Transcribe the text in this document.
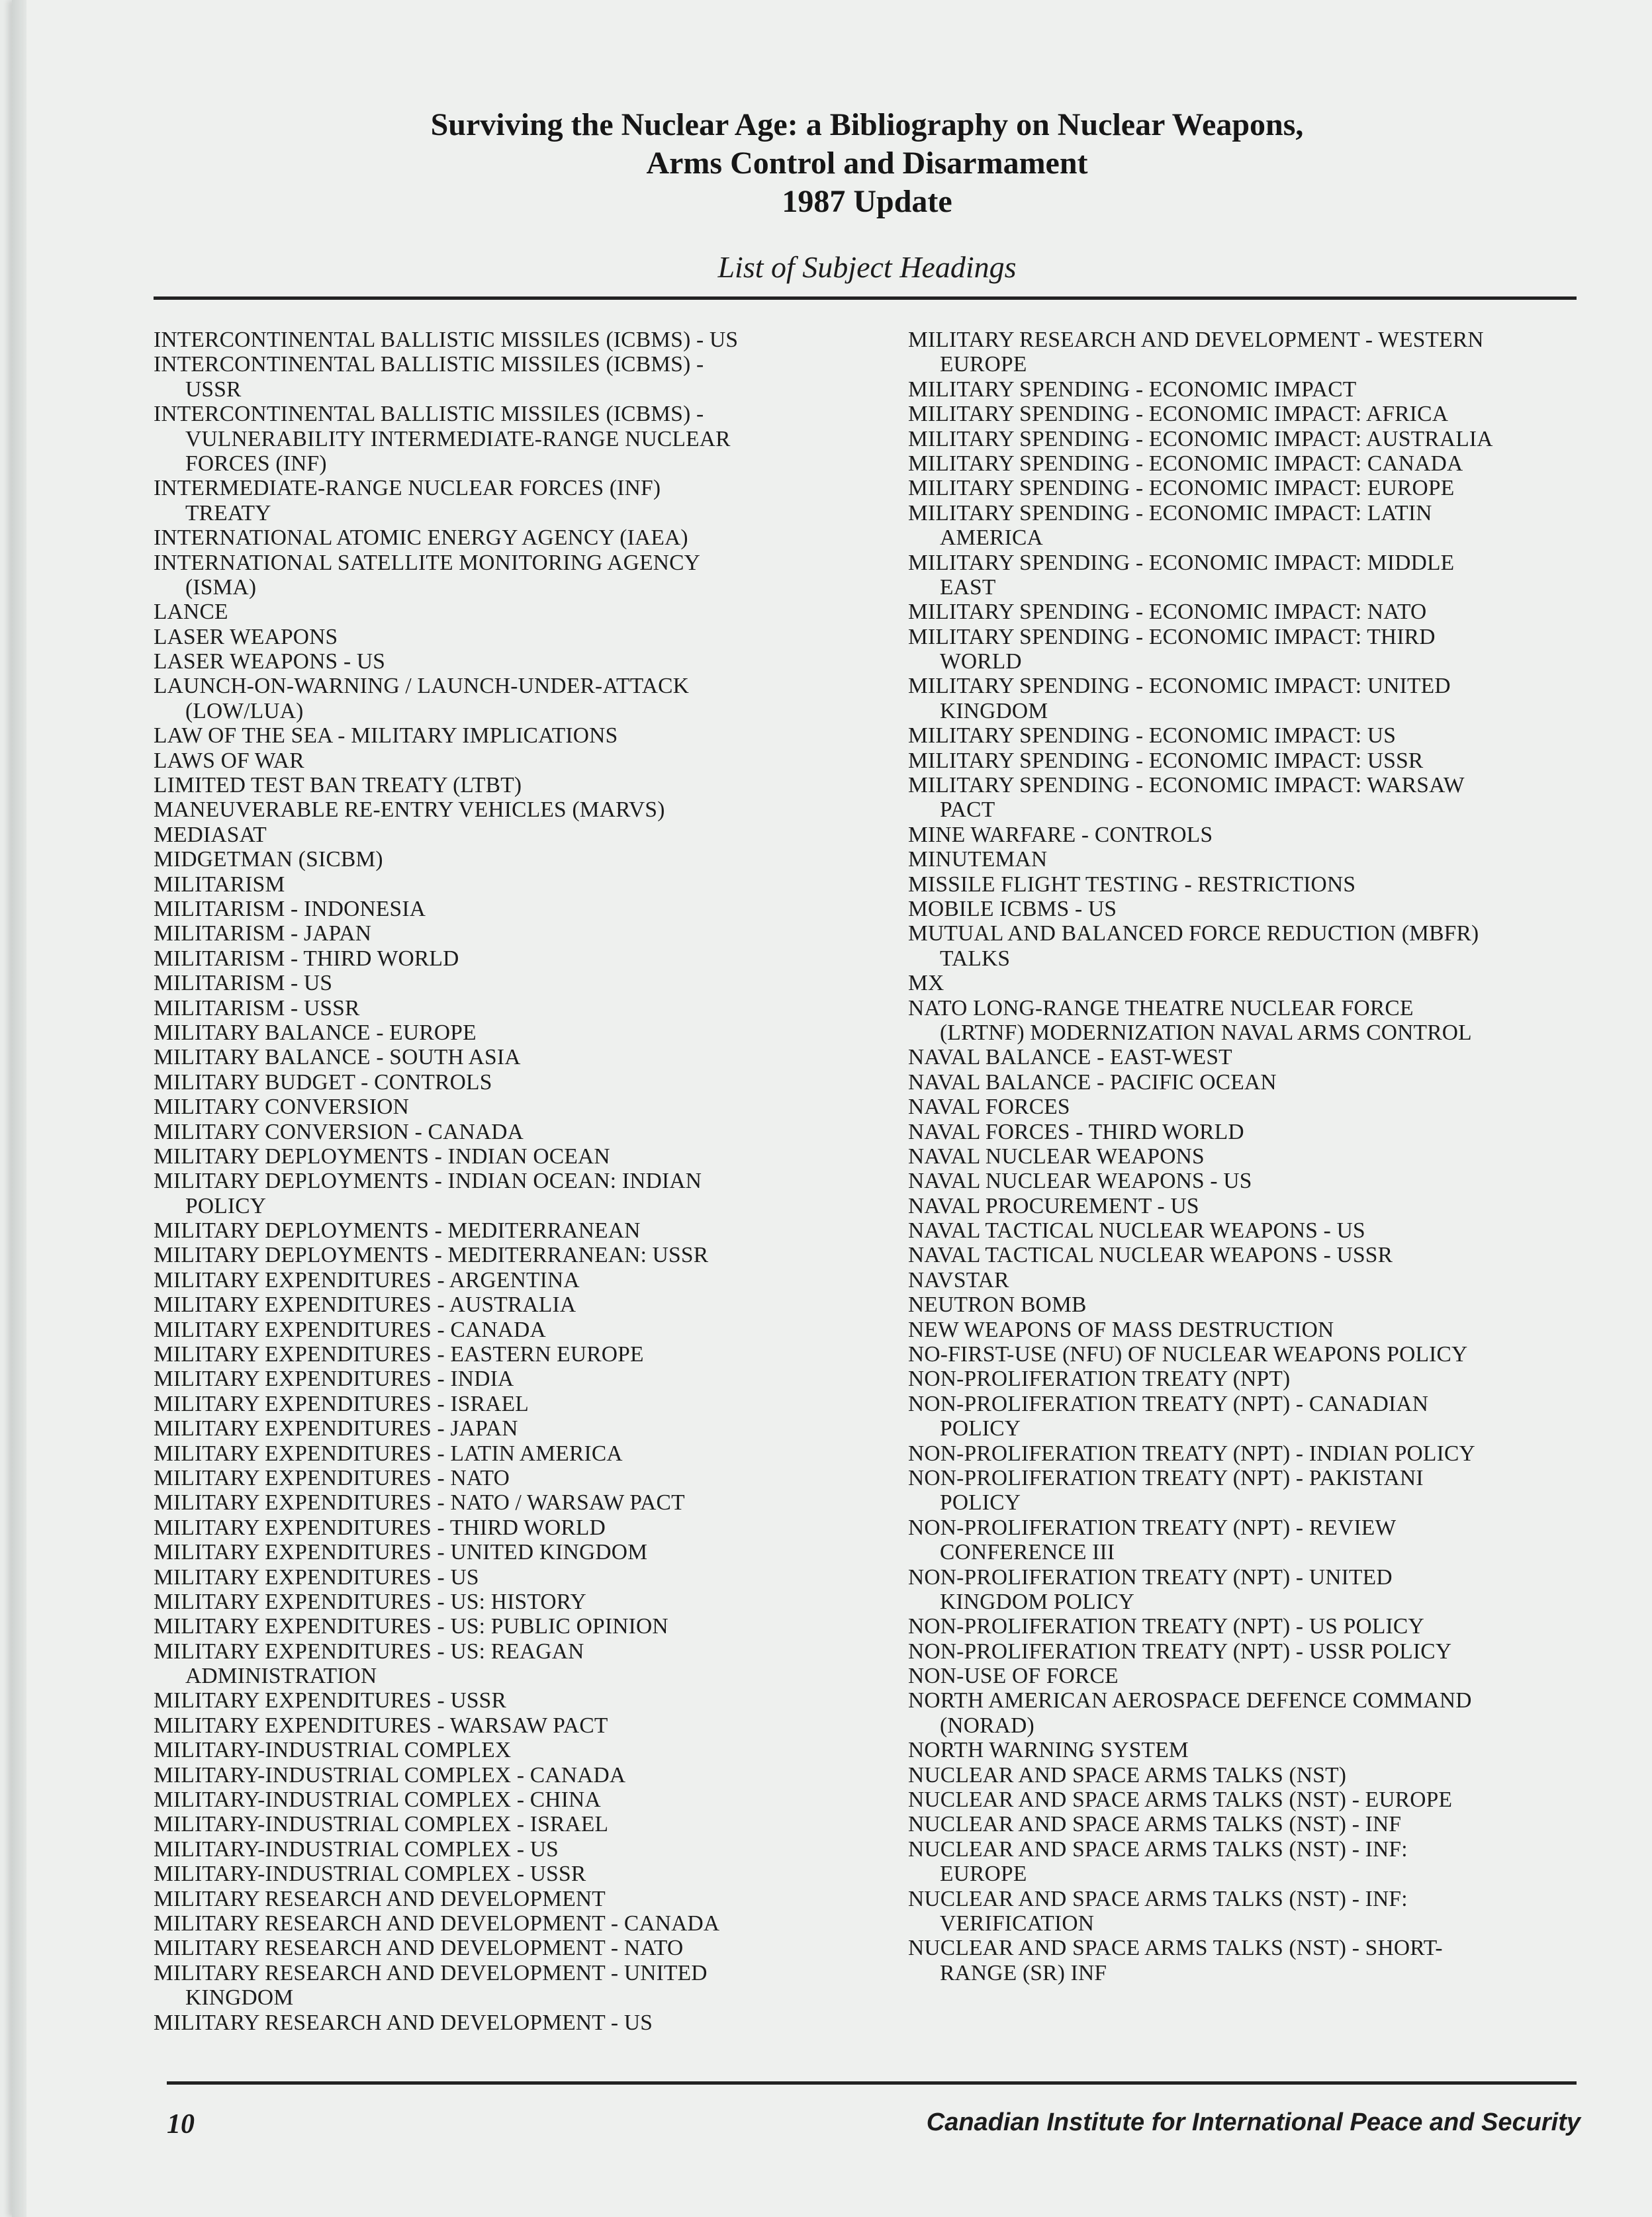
Surviving the Nuclear Age: a Bibliography on Nuclear Weapons,
Arms Control and Disarmament
1987 Update
List of Subject Headings
INTERCONTINENTAL BALLISTIC MISSILES (ICBMS) - US
INTERCONTINENTAL BALLISTIC MISSILES (ICBMS) -
USSR
INTERCONTINENTAL BALLISTIC MISSILES (ICBMS) -
VULNERABILITY INTERMEDIATE-RANGE NUCLEAR
FORCES (INF)
INTERMEDIATE-RANGE NUCLEAR FORCES (INF)
TREATY
INTERNATIONAL ATOMIC ENERGY AGENCY (IAEA)
INTERNATIONAL SATELLITE MONITORING AGENCY
(ISMA)
LANCE
LASER WEAPONS
LASER WEAPONS - US
LAUNCH-ON-WARNING / LAUNCH-UNDER-ATTACK
(LOW/LUA)
LAW OF THE SEA - MILITARY IMPLICATIONS
LAWS OF WAR
LIMITED TEST BAN TREATY (LTBT)
MANEUVERABLE RE-ENTRY VEHICLES (MARVS)
MEDIASAT
MIDGETMAN (SICBM)
MILITARISM
MILITARISM - INDONESIA
MILITARISM - JAPAN
MILITARISM - THIRD WORLD
MILITARISM - US
MILITARISM - USSR
MILITARY BALANCE - EUROPE
MILITARY BALANCE - SOUTH ASIA
MILITARY BUDGET - CONTROLS
MILITARY CONVERSION
MILITARY CONVERSION - CANADA
MILITARY DEPLOYMENTS - INDIAN OCEAN
MILITARY DEPLOYMENTS - INDIAN OCEAN: INDIAN
POLICY
MILITARY DEPLOYMENTS - MEDITERRANEAN
MILITARY DEPLOYMENTS - MEDITERRANEAN: USSR
MILITARY EXPENDITURES - ARGENTINA
MILITARY EXPENDITURES - AUSTRALIA
MILITARY EXPENDITURES - CANADA
MILITARY EXPENDITURES - EASTERN EUROPE
MILITARY EXPENDITURES - INDIA
MILITARY EXPENDITURES - ISRAEL
MILITARY EXPENDITURES - JAPAN
MILITARY EXPENDITURES - LATIN AMERICA
MILITARY EXPENDITURES - NATO
MILITARY EXPENDITURES - NATO / WARSAW PACT
MILITARY EXPENDITURES - THIRD WORLD
MILITARY EXPENDITURES - UNITED KINGDOM
MILITARY EXPENDITURES - US
MILITARY EXPENDITURES - US: HISTORY
MILITARY EXPENDITURES - US: PUBLIC OPINION
MILITARY EXPENDITURES - US: REAGAN
ADMINISTRATION
MILITARY EXPENDITURES - USSR
MILITARY EXPENDITURES - WARSAW PACT
MILITARY-INDUSTRIAL COMPLEX
MILITARY-INDUSTRIAL COMPLEX - CANADA
MILITARY-INDUSTRIAL COMPLEX - CHINA
MILITARY-INDUSTRIAL COMPLEX - ISRAEL
MILITARY-INDUSTRIAL COMPLEX - US
MILITARY-INDUSTRIAL COMPLEX - USSR
MILITARY RESEARCH AND DEVELOPMENT
MILITARY RESEARCH AND DEVELOPMENT - CANADA
MILITARY RESEARCH AND DEVELOPMENT - NATO
MILITARY RESEARCH AND DEVELOPMENT - UNITED
KINGDOM
MILITARY RESEARCH AND DEVELOPMENT - US
MILITARY RESEARCH AND DEVELOPMENT - WESTERN
EUROPE
MILITARY SPENDING - ECONOMIC IMPACT
MILITARY SPENDING - ECONOMIC IMPACT: AFRICA
MILITARY SPENDING - ECONOMIC IMPACT: AUSTRALIA
MILITARY SPENDING - ECONOMIC IMPACT: CANADA
MILITARY SPENDING - ECONOMIC IMPACT: EUROPE
MILITARY SPENDING - ECONOMIC IMPACT: LATIN
AMERICA
MILITARY SPENDING - ECONOMIC IMPACT: MIDDLE
EAST
MILITARY SPENDING - ECONOMIC IMPACT: NATO
MILITARY SPENDING - ECONOMIC IMPACT: THIRD
WORLD
MILITARY SPENDING - ECONOMIC IMPACT: UNITED
KINGDOM
MILITARY SPENDING - ECONOMIC IMPACT: US
MILITARY SPENDING - ECONOMIC IMPACT: USSR
MILITARY SPENDING - ECONOMIC IMPACT: WARSAW
PACT
MINE WARFARE - CONTROLS
MINUTEMAN
MISSILE FLIGHT TESTING - RESTRICTIONS
MOBILE ICBMS - US
MUTUAL AND BALANCED FORCE REDUCTION (MBFR)
TALKS
MX
NATO LONG-RANGE THEATRE NUCLEAR FORCE
(LRTNF) MODERNIZATION NAVAL ARMS CONTROL
NAVAL BALANCE - EAST-WEST
NAVAL BALANCE - PACIFIC OCEAN
NAVAL FORCES
NAVAL FORCES - THIRD WORLD
NAVAL NUCLEAR WEAPONS
NAVAL NUCLEAR WEAPONS - US
NAVAL PROCUREMENT - US
NAVAL TACTICAL NUCLEAR WEAPONS - US
NAVAL TACTICAL NUCLEAR WEAPONS - USSR
NAVSTAR
NEUTRON BOMB
NEW WEAPONS OF MASS DESTRUCTION
NO-FIRST-USE (NFU) OF NUCLEAR WEAPONS POLICY
NON-PROLIFERATION TREATY (NPT)
NON-PROLIFERATION TREATY (NPT) - CANADIAN
POLICY
NON-PROLIFERATION TREATY (NPT) - INDIAN POLICY
NON-PROLIFERATION TREATY (NPT) - PAKISTANI
POLICY
NON-PROLIFERATION TREATY (NPT) - REVIEW
CONFERENCE III
NON-PROLIFERATION TREATY (NPT) - UNITED
KINGDOM POLICY
NON-PROLIFERATION TREATY (NPT) - US POLICY
NON-PROLIFERATION TREATY (NPT) - USSR POLICY
NON-USE OF FORCE
NORTH AMERICAN AEROSPACE DEFENCE COMMAND
(NORAD)
NORTH WARNING SYSTEM
NUCLEAR AND SPACE ARMS TALKS (NST)
NUCLEAR AND SPACE ARMS TALKS (NST) - EUROPE
NUCLEAR AND SPACE ARMS TALKS (NST) - INF
NUCLEAR AND SPACE ARMS TALKS (NST) - INF:
EUROPE
NUCLEAR AND SPACE ARMS TALKS (NST) - INF:
VERIFICATION
NUCLEAR AND SPACE ARMS TALKS (NST) - SHORT-
RANGE (SR) INF
10	Canadian Institute for International Peace and Security
